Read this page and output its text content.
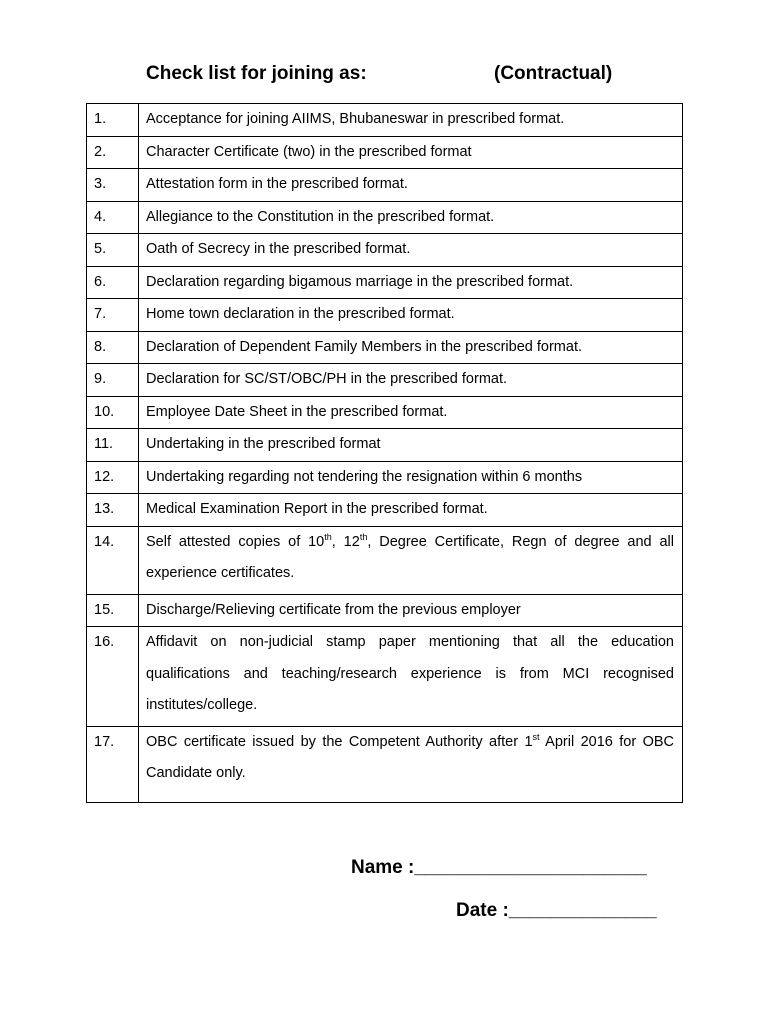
Check list for joining as:	(Contractual)
1.	Acceptance for joining AIIMS, Bhubaneswar in prescribed format.
2.	Character Certificate (two) in the prescribed format
3.	Attestation form in the prescribed format.
4.	Allegiance to the Constitution in the prescribed format.
5.	Oath of Secrecy in the prescribed format.
6.	Declaration regarding bigamous marriage in the prescribed format.
7.	Home town declaration in the prescribed format.
8.	Declaration of Dependent Family Members in the prescribed format.
9.	Declaration for SC/ST/OBC/PH in the prescribed format.
10.	Employee Date Sheet in the prescribed format.
11.	Undertaking in the prescribed format
12.	Undertaking regarding not tendering the resignation within 6 months
13.	Medical Examination Report in the prescribed format.
14.	Self attested copies of 10th, 12th, Degree Certificate, Regn of degree and all experience certificates.
15.	Discharge/Relieving certificate from the previous employer
16.	Affidavit on non-judicial stamp paper mentioning that all the education qualifications and teaching/research experience is from MCI recognised institutes/college.
17.	OBC certificate issued by the Competent Authority after 1st April 2016 for OBC Candidate only.
Name :______________________
Date :______________
